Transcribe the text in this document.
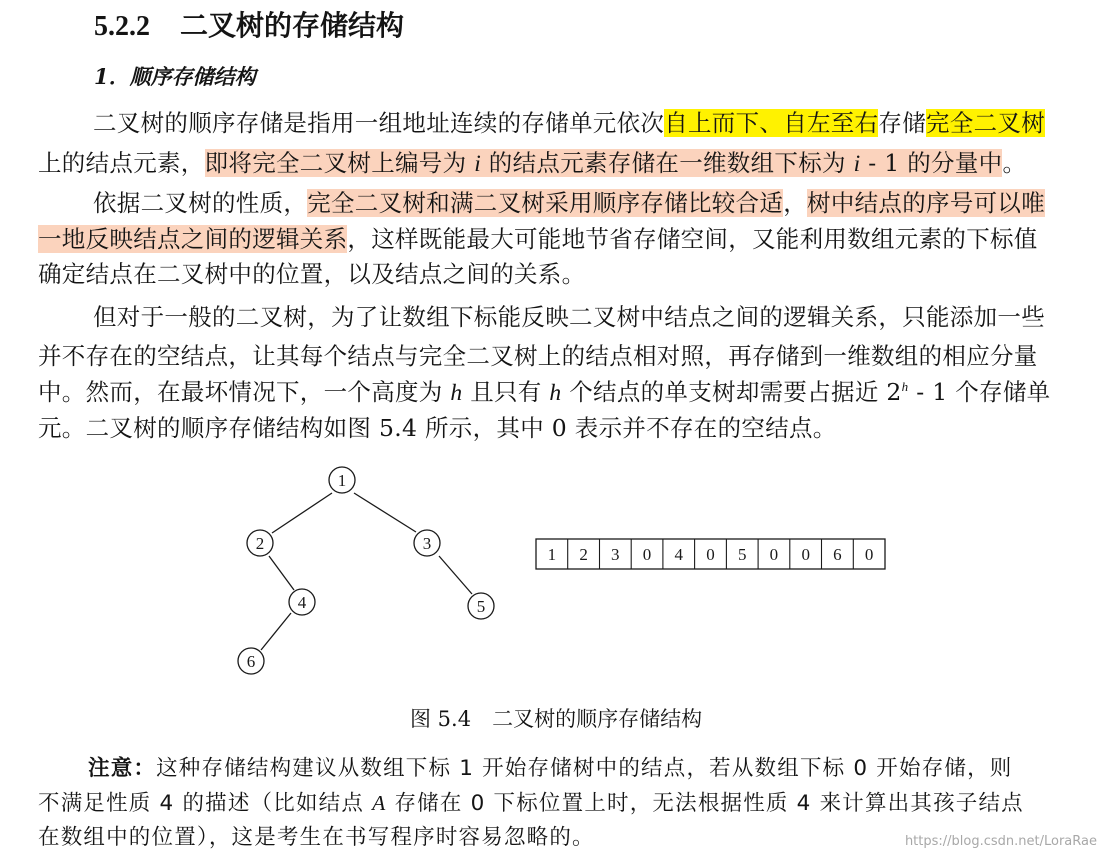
5.2.2 二叉树的存储结构
1．顺序存储结构
二叉树的顺序存储是指用一组地址连续的存储单元依次自上而下、自左至右存储完全二叉树
上的结点元素，即将完全二叉树上编号为 i 的结点元素存储在一维数组下标为 i - 1 的分量中。
依据二叉树的性质，完全二叉树和满二叉树采用顺序存储比较合适，树中结点的序号可以唯
一地反映结点之间的逻辑关系，这样既能最大可能地节省存储空间，又能利用数组元素的下标值
确定结点在二叉树中的位置，以及结点之间的关系。
但对于一般的二叉树，为了让数组下标能反映二叉树中结点之间的逻辑关系，只能添加一些
并不存在的空结点，让其每个结点与完全二叉树上的结点相对照，再存储到一维数组的相应分量
中。然而，在最坏情况下，一个高度为 h 且只有 h 个结点的单支树却需要占据近 2$^h$ - 1 个存储单
元。二叉树的顺序存储结构如图 5.4 所示，其中 0 表示并不存在的空结点。
1
2	3
4	5
6
1 2 3 0 4 0 5 0 0 6 0
图 5.4　二叉树的顺序存储结构
注意：这种存储结构建议从数组下标 1 开始存储树中的结点，若从数组下标 0 开始存储，则
不满足性质 4 的描述（比如结点 A 存储在 0 下标位置上时，无法根据性质 4 来计算出其孩子结点
在数组中的位置），这是考生在书写程序时容易忽略的。	https://blog.csdn.net/LoraRae
